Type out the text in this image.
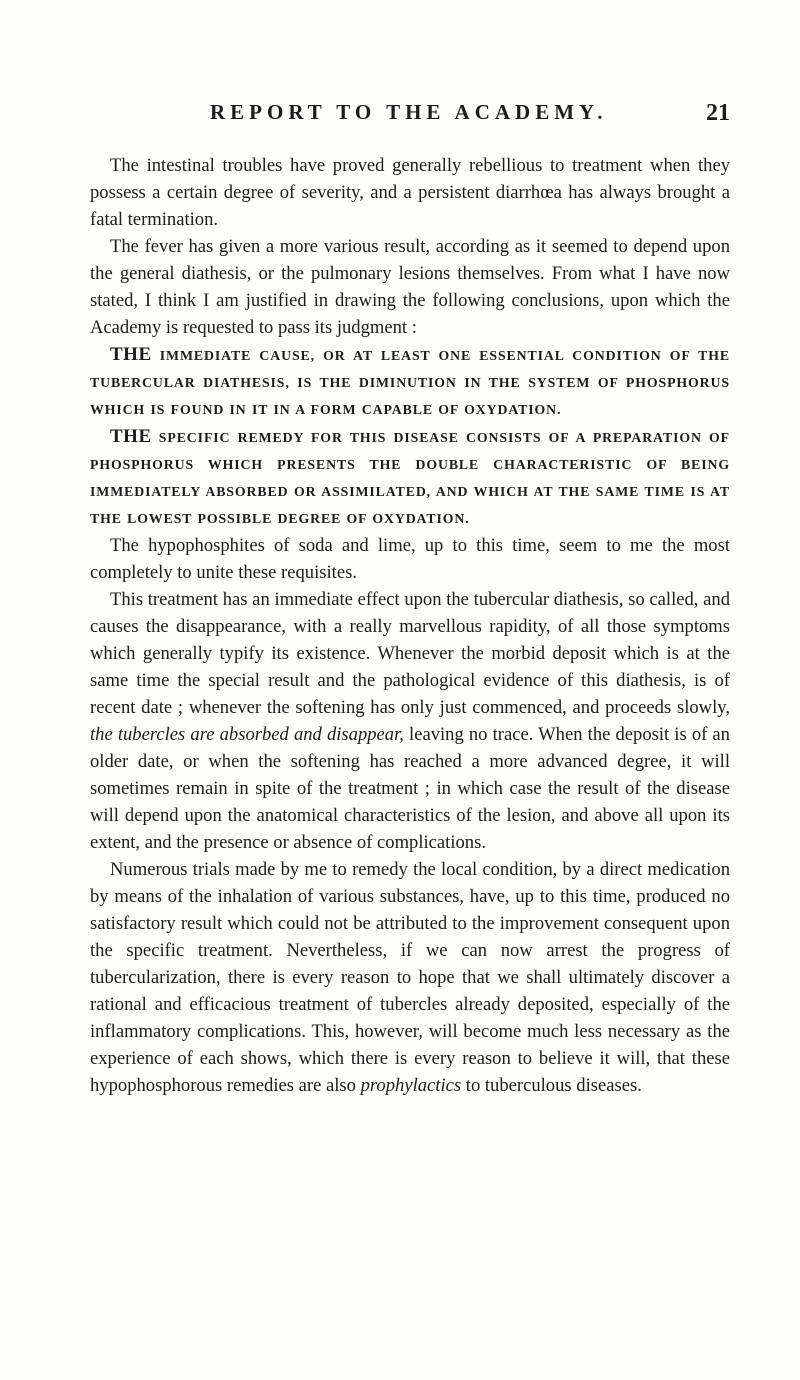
REPORT TO THE ACADEMY.	21

The intestinal troubles have proved generally rebellious to treatment when they possess a certain degree of severity, and a persistent diarrhœa has always brought a fatal termination.

The fever has given a more various result, according as it seemed to depend upon the general diathesis, or the pulmonary lesions themselves. From what I have now stated, I think I am justified in drawing the following conclusions, upon which the Academy is requested to pass its judgment :

THE IMMEDIATE CAUSE, OR AT LEAST ONE ESSENTIAL CONDITION OF THE TUBERCULAR DIATHESIS, IS THE DIMINUTION IN THE SYSTEM OF PHOSPHORUS WHICH IS FOUND IN IT IN A FORM CAPABLE OF OXYDATION.

THE SPECIFIC REMEDY FOR THIS DISEASE CONSISTS OF A PREPARATION OF PHOSPHORUS WHICH PRESENTS THE DOUBLE CHARACTERISTIC OF BEING IMMEDIATELY ABSORBED OR ASSIMILATED, AND WHICH AT THE SAME TIME IS AT THE LOWEST POSSIBLE DEGREE OF OXYDATION.

The hypophosphites of soda and lime, up to this time, seem to me the most completely to unite these requisites.

This treatment has an immediate effect upon the tubercular diathesis, so called, and causes the disappearance, with a really marvellous rapidity, of all those symptoms which generally typify its existence. Whenever the morbid deposit which is at the same time the special result and the pathological evidence of this diathesis, is of recent date ; whenever the softening has only just commenced, and proceeds slowly, the tubercles are absorbed and disappear, leaving no trace. When the deposit is of an older date, or when the softening has reached a more advanced degree, it will sometimes remain in spite of the treatment ; in which case the result of the disease will depend upon the anatomical characteristics of the lesion, and above all upon its extent, and the presence or absence of complications.

Numerous trials made by me to remedy the local condition, by a direct medication by means of the inhalation of various substances, have, up to this time, produced no satisfactory result which could not be attributed to the improvement consequent upon the specific treatment. Nevertheless, if we can now arrest the progress of tubercularization, there is every reason to hope that we shall ultimately discover a rational and efficacious treatment of tubercles already deposited, especially of the inflammatory complications. This, however, will become much less necessary as the experience of each shows, which there is every reason to believe it will, that these hypophosphorous remedies are also prophylactics to tuberculous diseases.
